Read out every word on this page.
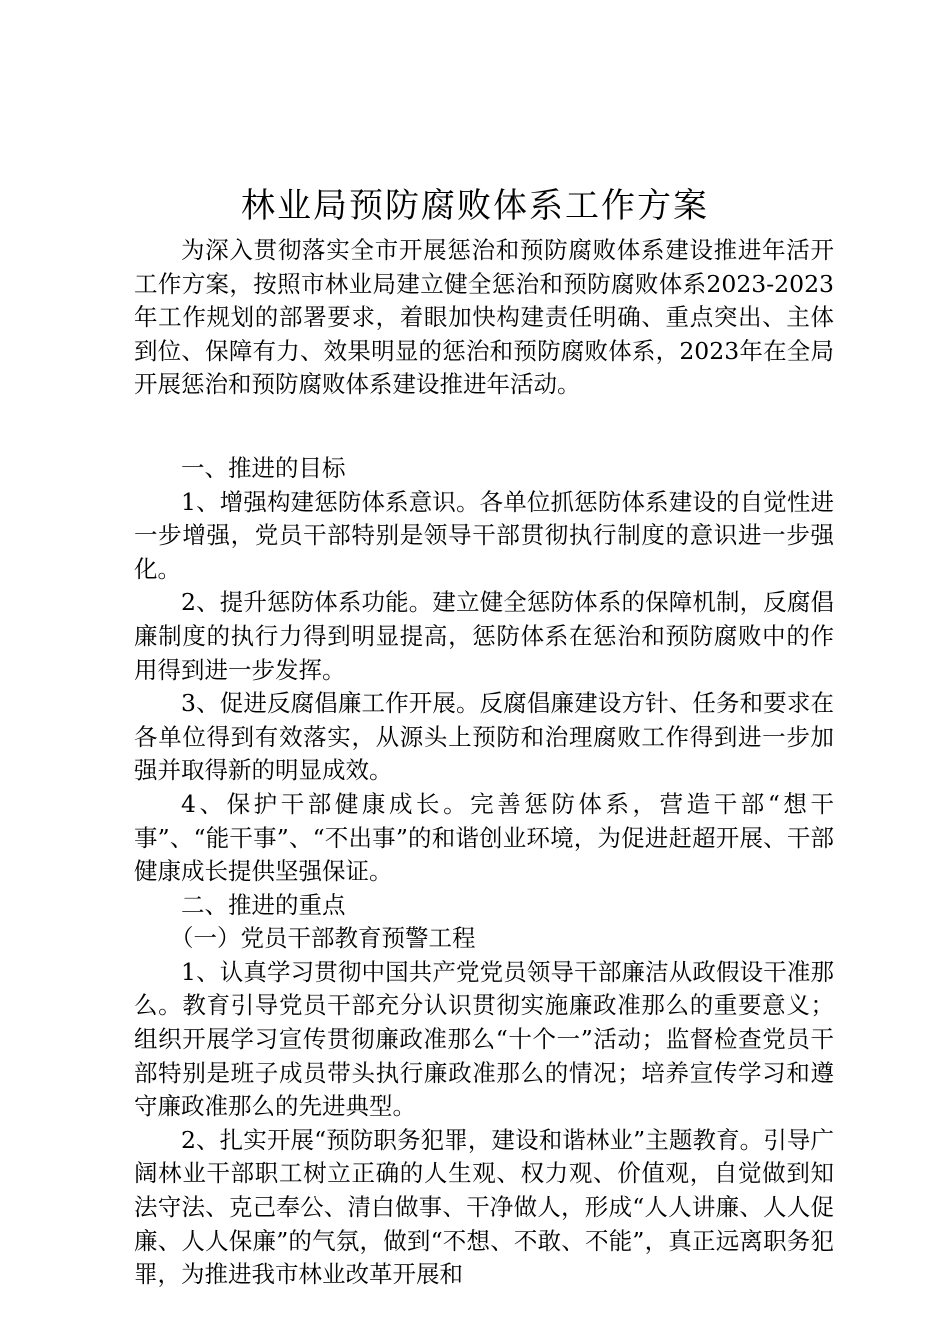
林业局预防腐败体系工作方案

为深入贯彻落实全市开展惩治和预防腐败体系建设推进年活开工作方案，按照市林业局建立健全惩治和预防腐败体系2023-2023年工作规划的部署要求，着眼加快构建责任明确、重点突出、主体到位、保障有力、效果明显的惩治和预防腐败体系，2023年在全局开展惩治和预防腐败体系建设推进年活动。

一、推进的目标

1、增强构建惩防体系意识。各单位抓惩防体系建设的自觉性进一步增强，党员干部特别是领导干部贯彻执行制度的意识进一步强化。

2、提升惩防体系功能。建立健全惩防体系的保障机制，反腐倡廉制度的执行力得到明显提高，惩防体系在惩治和预防腐败中的作用得到进一步发挥。

3、促进反腐倡廉工作开展。反腐倡廉建设方针、任务和要求在各单位得到有效落实，从源头上预防和治理腐败工作得到进一步加强并取得新的明显成效。

4、保护干部健康成长。完善惩防体系，营造干部“想干事”、“能干事”、“不出事”的和谐创业环境，为促进赶超开展、干部健康成长提供坚强保证。

二、推进的重点

（一）党员干部教育预警工程

1、认真学习贯彻中国共产党党员领导干部廉洁从政假设干准那么。教育引导党员干部充分认识贯彻实施廉政准那么的重要意义；组织开展学习宣传贯彻廉政准那么“十个一”活动；监督检查党员干部特别是班子成员带头执行廉政准那么的情况；培养宣传学习和遵守廉政准那么的先进典型。

2、扎实开展“预防职务犯罪，建设和谐林业”主题教育。引导广阔林业干部职工树立正确的人生观、权力观、价值观，自觉做到知法守法、克己奉公、清白做事、干净做人，形成“人人讲廉、人人促廉、人人保廉”的气氛，做到“不想、不敢、不能”，真正远离职务犯罪，为推进我市林业改革开展和
